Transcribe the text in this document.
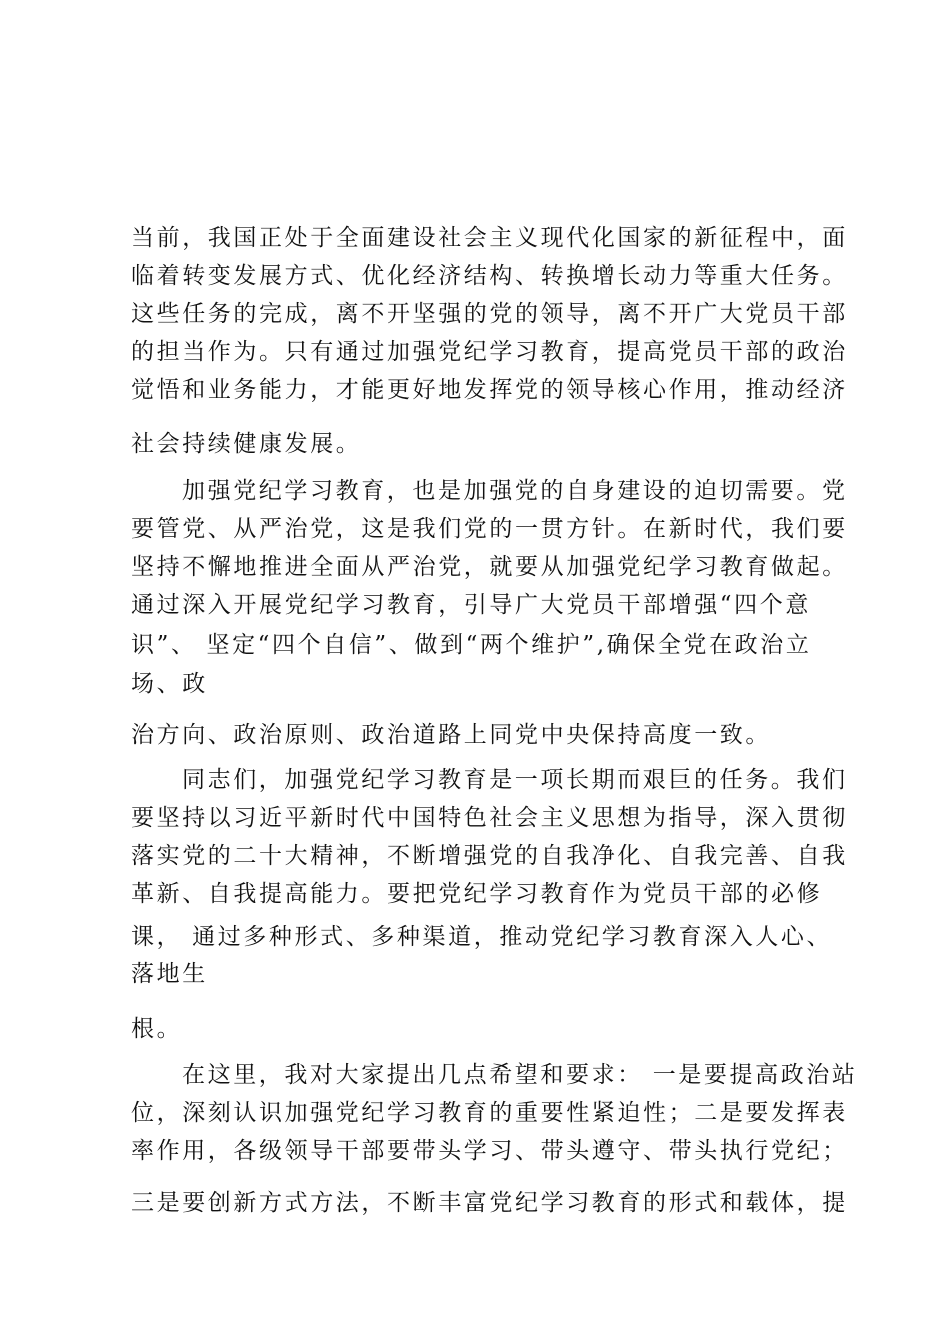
当前，我国正处于全面建设社会主义现代化国家的新征程中，面
临着转变发展方式、优化经济结构、转换增长动力等重大任务。
这些任务的完成，离不开坚强的党的领导，离不开广大党员干部
的担当作为。只有通过加强党纪学习教育，提高党员干部的政治
觉悟和业务能力，才能更好地发挥党的领导核心作用，推动经济
社会持续健康发展。
加强党纪学习教育，也是加强党的自身建设的迫切需要。党
要管党、从严治党，这是我们党的一贯方针。在新时代，我们要
坚持不懈地推进全面从严治党，就要从加强党纪学习教育做起。
通过深入开展党纪学习教育，引导广大党员干部增强“四个意
识”、 坚定“四个自信”、做到“两个维护”,确保全党在政治立
场、政
治方向、政治原则、政治道路上同党中央保持高度一致。
同志们，加强党纪学习教育是一项长期而艰巨的任务。我们
要坚持以习近平新时代中国特色社会主义思想为指导，深入贯彻
落实党的二十大精神，不断增强党的自我净化、自我完善、自我
革新、自我提高能力。要把党纪学习教育作为党员干部的必修
课， 通过多种形式、多种渠道，推动党纪学习教育深入人心、
落地生
根。
在这里，我对大家提出几点希望和要求： 一是要提高政治站
位，深刻认识加强党纪学习教育的重要性紧迫性；二是要发挥表
率作用，各级领导干部要带头学习、带头遵守、带头执行党纪；
三是要创新方式方法，不断丰富党纪学习教育的形式和载体，提
